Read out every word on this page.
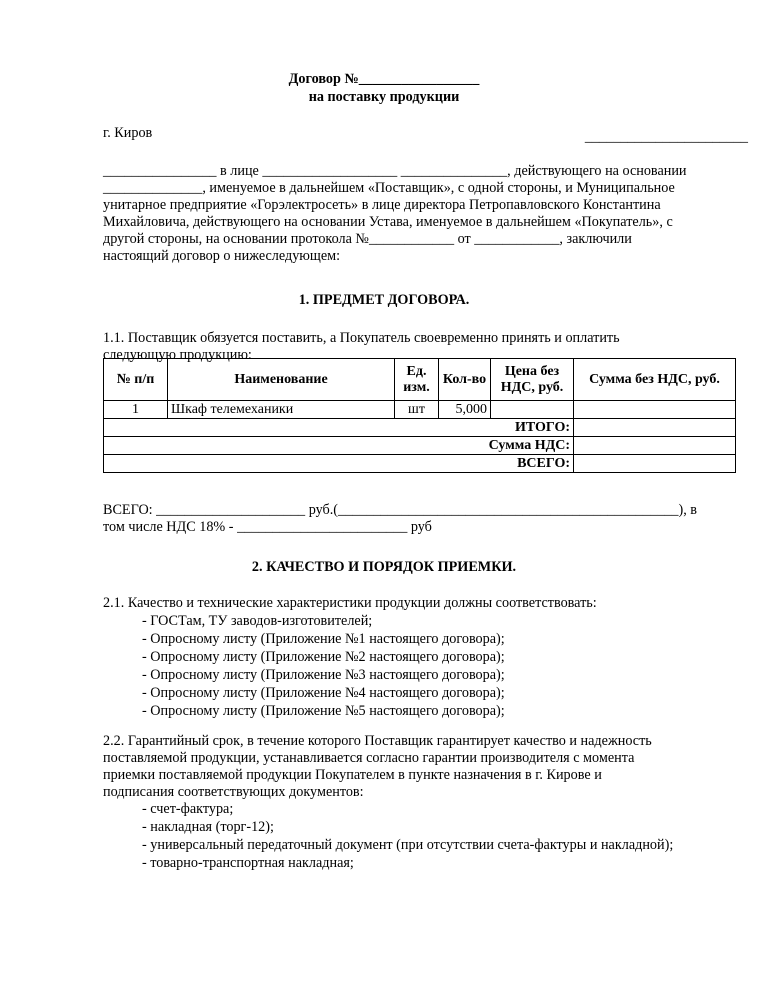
Договор №_________________
на поставку продукции
г. Киров	_______________________
________________ в лице ___________________ _______________, действующего на основании
______________, именуемое в дальнейшем «Поставщик», с одной стороны, и Муниципальное
унитарное предприятие «Горэлектросеть» в лице директора Петропавловского Константина
Михайловича, действующего на основании Устава, именуемое в дальнейшем «Покупатель», с
другой стороны, на основании протокола №____________ от ____________, заключили
настоящий договор о нижеследующем:
1. ПРЕДМЕТ ДОГОВОРА.
1.1. Поставщик обязуется поставить, а Покупатель своевременно принять и оплатить
следующую продукцию:
№ п/п	Наименование	Ед. изм.	Кол-во	Цена без НДС, руб.	Сумма без НДС, руб.
1	Шкаф телемеханики	шт	5,000		
ИТОГО:					
Сумма НДС:					
ВСЕГО:					
ВСЕГО: _____________________ руб.(________________________________________________), в
том числе НДС 18% - ________________________ руб
2. КАЧЕСТВО И ПОРЯДОК ПРИЕМКИ.
2.1. Качество и технические характеристики продукции должны соответствовать:
- ГОСТам, ТУ заводов-изготовителей;
- Опросному листу (Приложение №1 настоящего договора);
- Опросному листу (Приложение №2 настоящего договора);
- Опросному листу (Приложение №3 настоящего договора);
- Опросному листу (Приложение №4 настоящего договора);
- Опросному листу (Приложение №5 настоящего договора);
2.2. Гарантийный срок, в течение которого Поставщик гарантирует качество и надежность
поставляемой продукции, устанавливается согласно гарантии производителя с момента
приемки поставляемой продукции Покупателем в пункте назначения в г. Кирове и
подписания соответствующих документов:
- счет-фактура;
- накладная (торг-12);
- универсальный передаточный документ (при отсутствии счета-фактуры и накладной);
- товарно-транспортная накладная;
